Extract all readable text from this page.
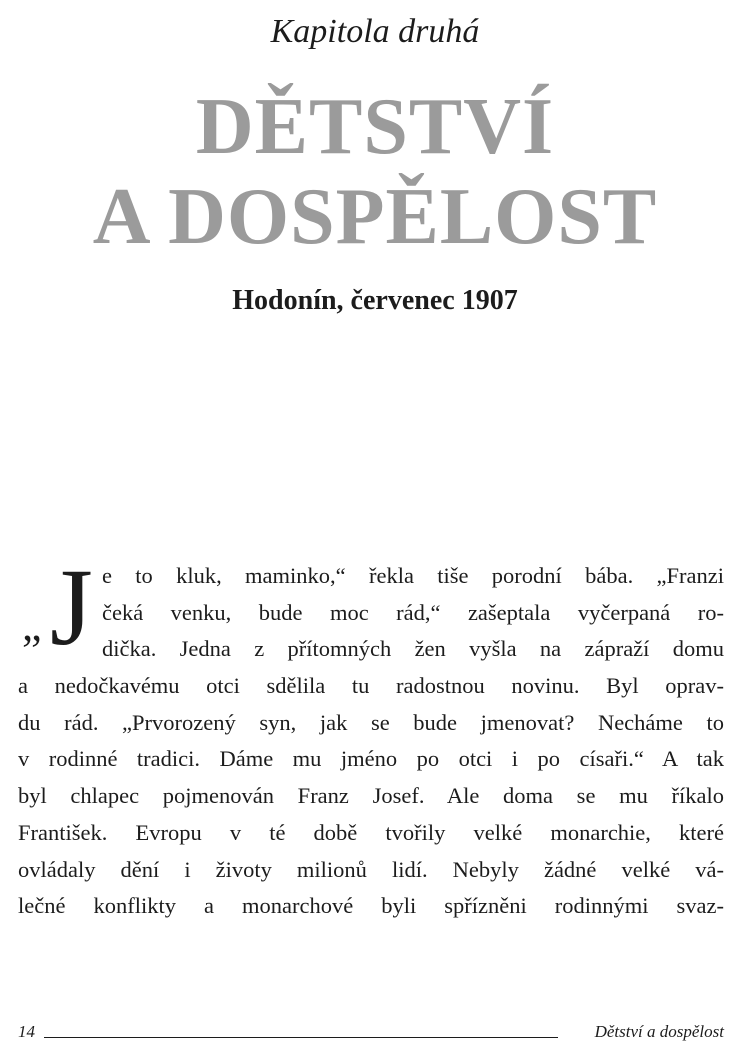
Kapitola druhá
DĚTSTVÍ
A DOSPĚLOST
Hodonín, červenec 1907
„ J e to kluk, maminko,“ řekla tiše porodní bába. „Franzi
čeká venku, bude moc rád,“ zašeptala vyčerpaná ro-
dička. Jedna z přítomných žen vyšla na zápraží domu
a nedočkavému otci sdělila tu radostnou novinu. Byl oprav-
du rád. „Prvorozený syn, jak se bude jmenovat? Necháme to
v rodinné tradici. Dáme mu jméno po otci i po císaři.“ A tak
byl chlapec pojmenován Franz Josef. Ale doma se mu říkalo
František. Evropu v té době tvořily velké monarchie, které
ovládaly dění i životy milionů lidí. Nebyly žádné velké vá-
lečné konflikty a monarchové byli spřízněni rodinnými svaz-
14	Dětství a dospělost
